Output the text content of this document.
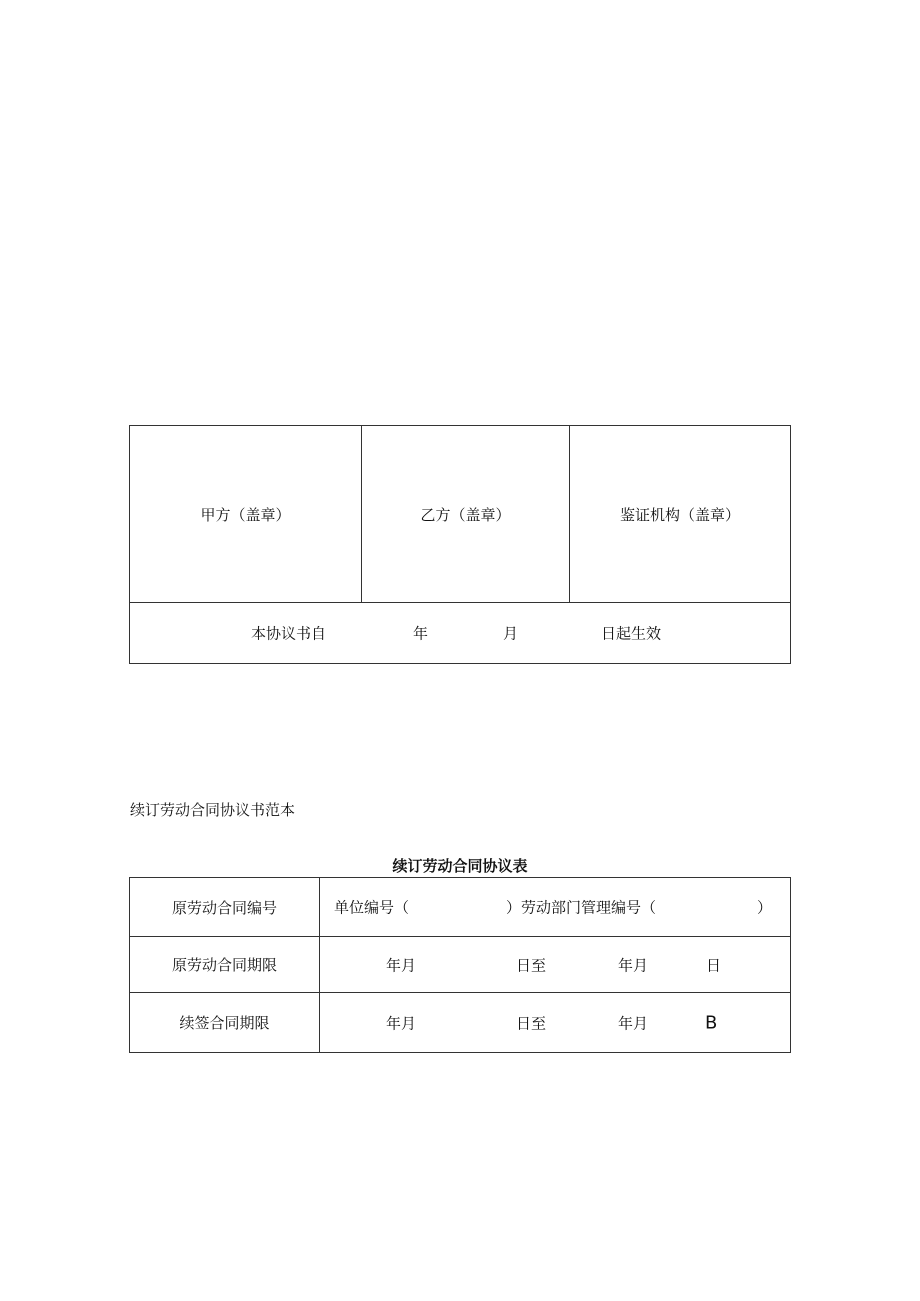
甲方（盖章）	乙方（盖章）	鉴证机构（盖章）

本协议书自	年	月	日起生效
续订劳动合同协议书范本
续订劳动合同协议表
原劳动合同编号	单位编号（ ）劳动部门管理编号（ ）

原劳动合同期限	年月 日至 年月 日

续签合同期限	年月 日至 年月 B
